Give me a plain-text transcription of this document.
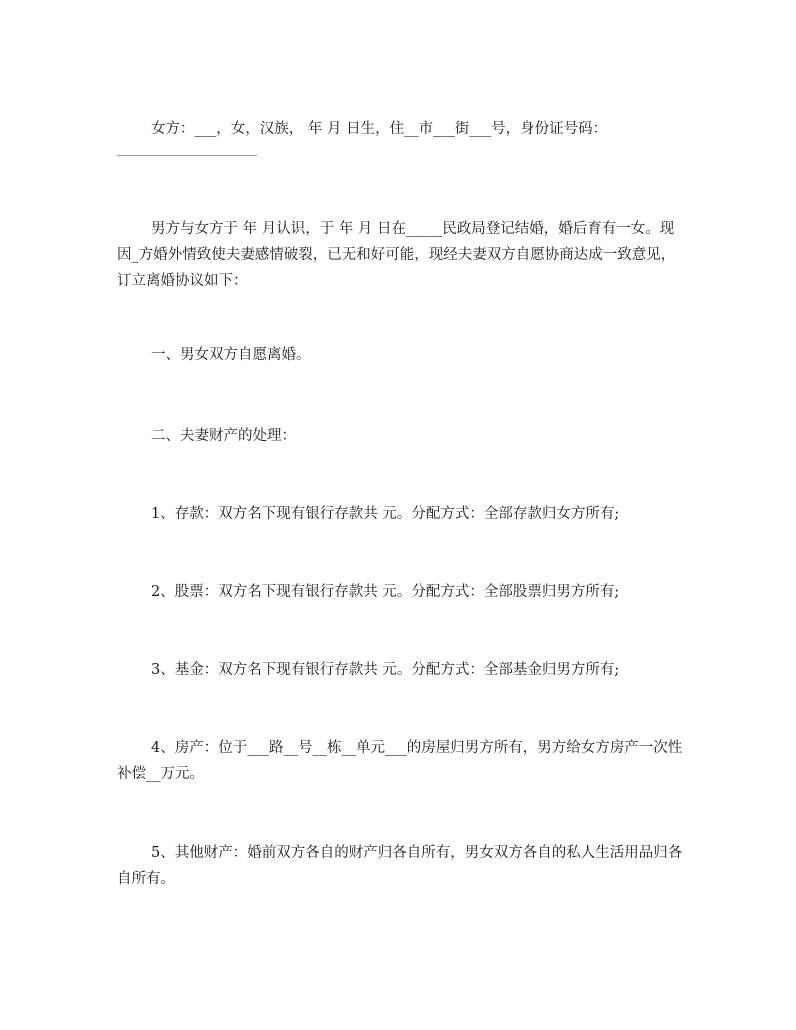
女方：___，女，汉族， 年 月 日生，住__市___街___号，身份证号码：

男方与女方于 年 月认识，于 年 月 日在_____民政局登记结婚，婚后育有一女。现因_方婚外情致使夫妻感情破裂，已无和好可能，现经夫妻双方自愿协商达成一致意见，订立离婚协议如下：

一、男女双方自愿离婚。

二、夫妻财产的处理：

1、存款：双方名下现有银行存款共 元。分配方式：全部存款归女方所有;

2、股票：双方名下现有银行存款共 元。分配方式：全部股票归男方所有;

3、基金：双方名下现有银行存款共 元。分配方式：全部基金归男方所有;

4、房产：位于___路__号__栋__单元___的房屋归男方所有，男方给女方房产一次性补偿__万元。

5、其他财产：婚前双方各自的财产归各自所有，男女双方各自的私人生活用品归各自所有。
